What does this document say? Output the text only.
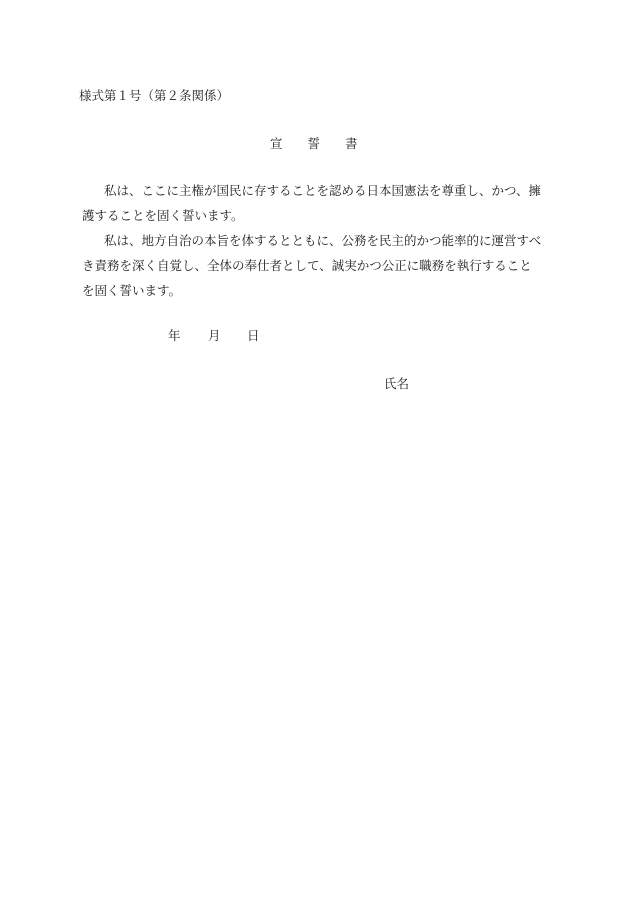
様式第１号（第２条関係）
宣　　誓　　書
私は、ここに主権が国民に存することを認める日本国憲法を尊重し、かつ、擁
護することを固く誓います。
私は、地方自治の本旨を体するとともに、公務を民主的かつ能率的に運営すべ
き責務を深く自覚し、全体の奉仕者として、誠実かつ公正に職務を執行すること
を固く誓います。
年 月 日
氏名
